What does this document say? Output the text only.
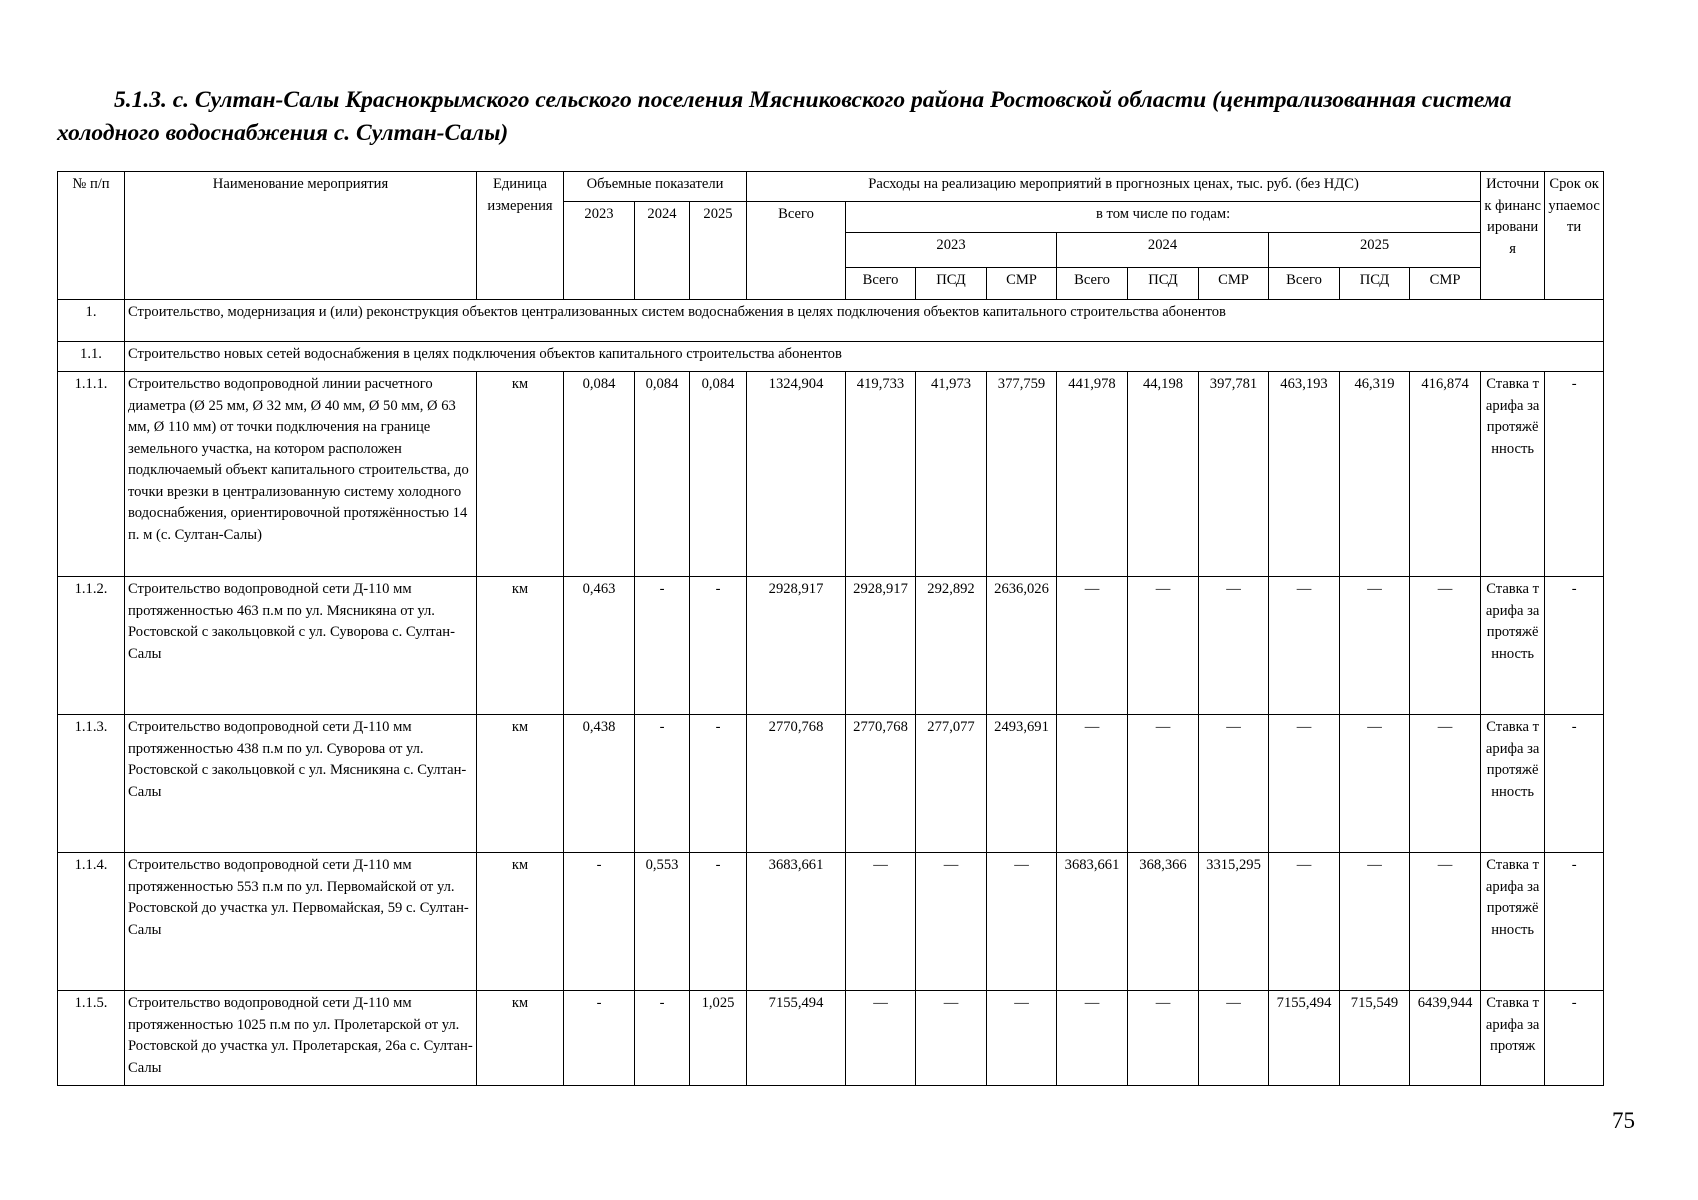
5.1.3. с. Султан-Салы Краснокрымского сельского поселения Мясниковского района Ростовской области (централизованная система холодного водоснабжения с. Султан-Салы)
№ п/п	Наименование мероприятия	Единица измерения	Объемные показатели			Расходы на реализацию мероприятий в прогнозных ценах, тыс. руб. (без НДС)										Источник финансирования	Срок окупаемости
			2023	2024	2025	Всего	в том числе по годам:										
							2023			2024			2025				
							Всего	ПСД	СМР	Всего	ПСД	СМР	Всего	ПСД	СМР		
1.	Строительство, модернизация и (или) реконструкция объектов централизованных систем водоснабжения в целях подключения объектов капитального строительства абонентов																
1.1.	Строительство новых сетей водоснабжения в целях подключения объектов капитального строительства абонентов																
1.1.1.	Строительство водопроводной линии расчетного диаметра (Ø 25 мм, Ø 32 мм, Ø 40 мм, Ø 50 мм, Ø 63 мм, Ø 110 мм) от точки подключения на границе земельного участка, на котором расположен подключаемый объект капитального строительства, до точки врезки в централизованную систему холодного водоснабжения, ориентировочной протяжённостью 14 п. м (с. Султан-Салы)	км	0,084	0,084	0,084	1324,904	419,733	41,973	377,759	441,978	44,198	397,781	463,193	46,319	416,874	Ставка тарифа за протяжённость	-
1.1.2.	Строительство водопроводной сети Д-110 мм протяженностью 463 п.м по ул. Мясникяна от ул. Ростовской с закольцовкой с ул. Суворова с. Султан-Салы	км	0,463	-	-	2928,917	2928,917	292,892	2636,026	—	—	—	—	—	—	Ставка тарифа за протяжённость	-
1.1.3.	Строительство водопроводной сети Д-110 мм протяженностью 438 п.м по ул. Суворова от ул. Ростовской с закольцовкой с ул. Мясникяна с. Султан-Салы	км	0,438	-	-	2770,768	2770,768	277,077	2493,691	—	—	—	—	—	—	Ставка тарифа за протяжённость	-
1.1.4.	Строительство водопроводной сети Д-110 мм протяженностью 553 п.м по ул. Первомайской от ул. Ростовской до участка ул. Первомайская, 59 с. Султан-Салы	км	-	0,553	-	3683,661	—	—	—	3683,661	368,366	3315,295	—	—	—	Ставка тарифа за протяжённость	-
1.1.5.	Строительство водопроводной сети Д-110 мм протяженностью 1025 п.м по ул. Пролетарской от ул. Ростовской до участка ул. Пролетарская, 26а с. Султан-Салы	км	-	-	1,025	7155,494	—	—	—	—	—	—	7155,494	715,549	6439,944	Ставка тарифа за протяж	-
75
